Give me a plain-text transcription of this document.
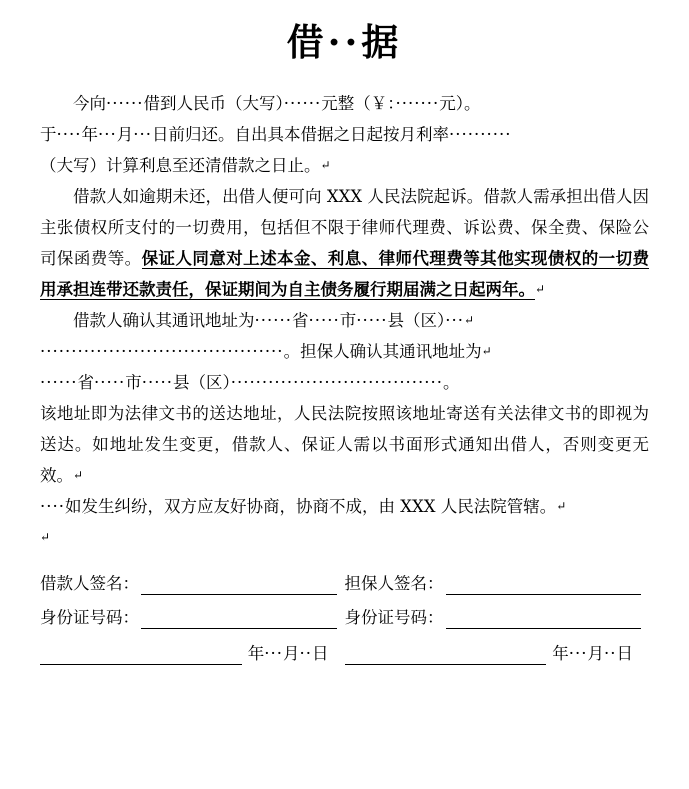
借··据

今向······借到人民币（大写）······元整（￥：·······元）。

于····年···月···日前归还。自出具本借据之日起按月利率··········

（大写）计算利息至还清借款之日止。↵

借款人如逾期未还，出借人便可向 XXX 人民法院起诉。借款人需承担出借人因主张债权所支付的一切费用，包括但不限于律师代理费、诉讼费、保全费、保险公司保函费等。保证人同意对上述本金、利息、律师代理费等其他实现债权的一切费用承担连带还款责任，保证期间为自主债务履行期届满之日起两年。↵

借款人确认其通讯地址为······省·····市·····县（区）···↵

·······································。担保人确认其通讯地址为↵

······省·····市·····县（区）··································。

该地址即为法律文书的送达地址，人民法院按照该地址寄送有关法律文书的即视为送达。如地址发生变更，借款人、保证人需以书面形式通知出借人，否则变更无效。↵

····如发生纠纷，双方应友好协商，协商不成，由 XXX 人民法院管辖。↵

↵

借款人签名：	担保人签名：
身份证号码：	身份证号码：
年 ··· 月 ·· 日	年 ··· 月 ·· 日
